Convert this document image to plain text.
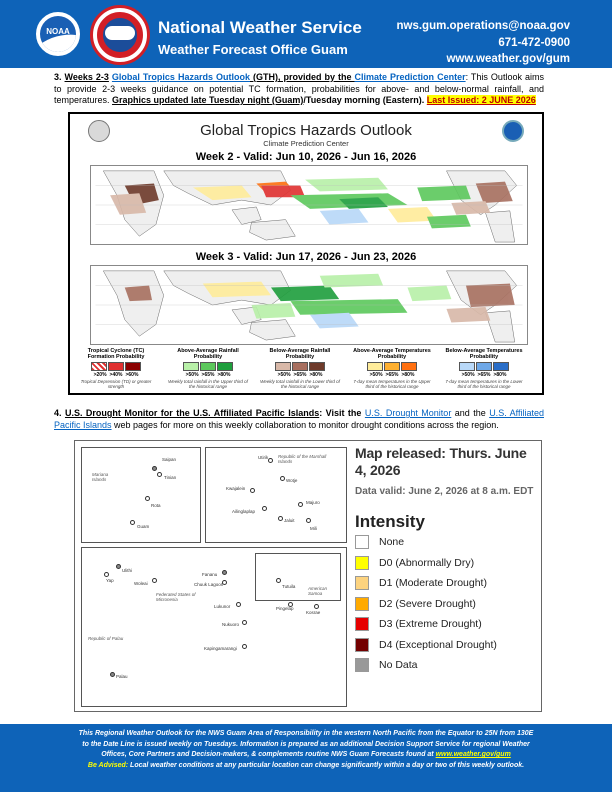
NOAA	National Weather Service
Weather Forecast Office Guam
nws.gum.operations@noaa.gov
671-472-0900
www.weather.gov/gum
3. Weeks 2-3 Global Tropics Hazards Outlook (GTH), provided by the Climate Prediction Center: This Outlook aims to provide 2-3 weeks guidance on potential TC formation, probabilities for above- and below-normal rainfall, and temperatures. Graphics updated late Tuesday night (Guam)/Tuesday morning (Eastern). Last Issued: 2 JUNE 2026
Global Tropics Hazards Outlook
Climate Prediction Center
Week 2 - Valid: Jun 10, 2026 - Jun 16, 2026
Week 3 - Valid: Jun 17, 2026 - Jun 23, 2026
Tropical Cyclone (TC) Formation Probability
>20% >40% >60%
Tropical Depression (TD) or greater strength
Above-Average Rainfall Probability
>50% >65% >80%
Weekly total rainfall in the Upper third of the historical range
Below-Average Rainfall Probability
>50% >65% >80%
Weekly total rainfall in the Lower third of the historical range
Above-Average Temperatures Probability
>50% >65% >80%
7-day mean temperatures in the Upper third of the historical range
Below-Average Temperatures Probability
>50% >65% >80%
7-day mean temperatures in the Lower third of the historical range
4. U.S. Drought Monitor for the U.S. Affiliated Pacific Islands: Visit the U.S. Drought Monitor and the U.S. Affiliated Pacific Islands web pages for more on this weekly collaboration to monitor drought conditions across the region.
Mariana Islands
Saipan
Tinian
Rota
Guam
Republic of the Marshall Islands
Utirik
Wotje
Kwajalein
Ailinglaplap
Majuro
Jaluit
Mili
Ulithi
Yap
Woleai
Fananu
Chuuk Lagoon
Lukunor
Nukuoro
Kapingamarangi
Pingelap
Kosrae
Federated States of Micronesia
Republic of Palau
Palau
Tutuila	American Samoa
Map released: Thurs. June 4, 2026
Data valid: June 2, 2026 at 8 a.m. EDT
Intensity
None
D0 (Abnormally Dry)
D1 (Moderate Drought)
D2 (Severe Drought)
D3 (Extreme Drought)
D4 (Exceptional Drought)
No Data
This Regional Weather Outlook for the NWS Guam Area of Responsibility in the western North Pacific from the Equator to 25N from 130E
to the Date Line is issued weekly on Tuesdays. Information is prepared as an additional Decision Support Service for regional Weather
Offices, Core Partners and Decision-makers, & complements routine NWS Guam Forecasts found at www.weather.gov/gum
Be Advised: Local weather conditions at any particular location can change significantly within a day or two of this weekly outlook.
